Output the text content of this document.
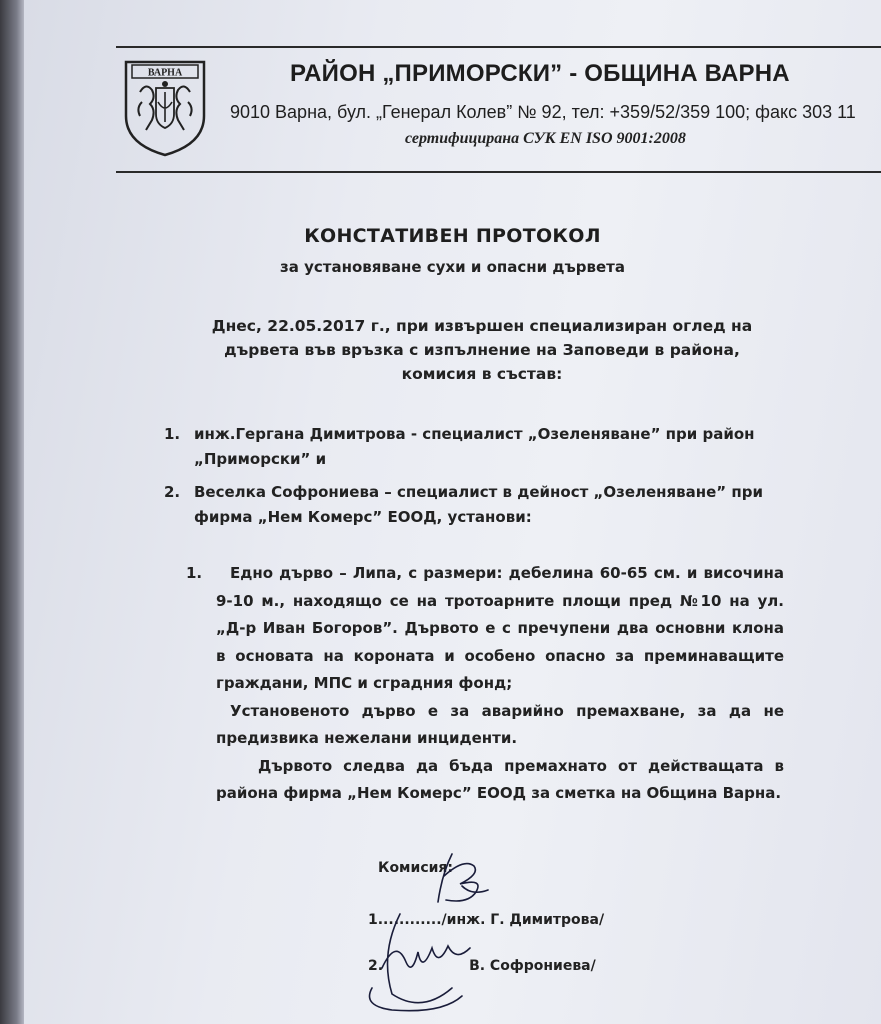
ВАРНА	РАЙОН „ПРИМОРСКИ” - ОБЩИНА ВАРНА
9010 Варна, бул. „Генерал Колев” № 92, тел: +359/52/359 100; факс 303 11
сертифицирана СУК EN ISO 9001:2008
КОНСТАТИВЕН ПРОТОКОЛ
за установяване сухи и опасни дървета
Днес, 22.05.2017 г., при извършен специализиран оглед на дървета във връзка с изпълнение на Заповеди в района, комисия в състав:
1. инж.Гергана Димитрова - специалист „Озеленяване” при район „Приморски” и
2. Веселка Софрониева – специалист в дейност „Озеленяване” при фирма „Нем Комерс” ЕООД, установи:
1.	Едно дърво – Липа, с размери: дебелина 60-65 см. и височина 9-10 м., находящо се на тротоарните площи пред №10 на ул. „Д-р Иван Богоров”. Дървото е с пречупени два основни клона в основата на короната и особено опасно за преминаващите граждани, МПС и сградния фонд;

Установеното дърво е за аварийно премахване, за да не предизвика нежелани инциденти.

Дървото следва да бъда премахнато от действащата в района фирма „Нем Комерс” ЕООД за сметка на Община Варна.

Комисия:
1............/инж. Г. Димитрова/
2.	В. Софрониева/
